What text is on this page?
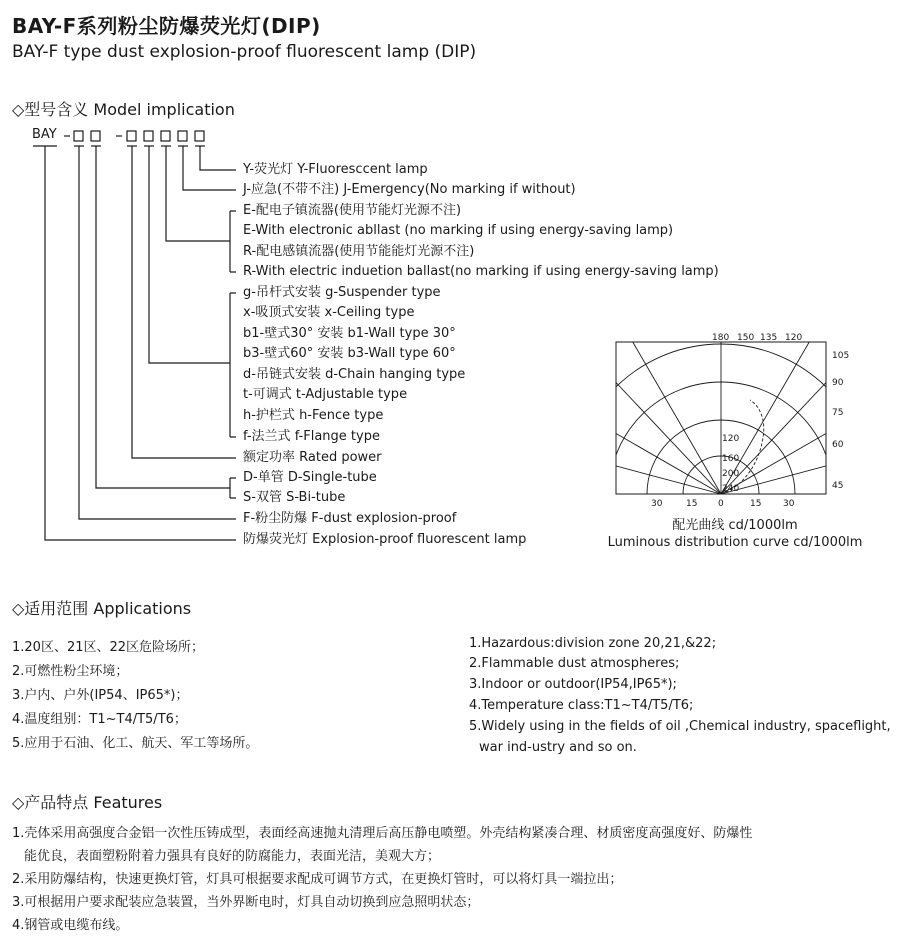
BAY-F系列粉尘防爆荧光灯(DIP)
BAY-F type dust explosion-proof fluorescent lamp (DIP)
◇型号含义 Model implication
BAY
Y-荧光灯 Y-Fluoresccent lamp
J-应急(不带不注) J-Emergency(No marking if without)
E-配电子镇流器(使用节能灯光源不注)
E-With electronic abllast (no marking if using energy-saving lamp)
R-配电感镇流器(使用节能能灯光源不注)
R-With electric indueti‌on ballast(no marking if using energy-saving lamp)
g-吊杆式安装 g-Suspender type
x-吸顶式安装 x-Ceiling type
b1-壁式30° 安装 b1-Wall type 30°
b3-壁式60° 安装 b3-Wall type 60°
d-吊链式安装 d-Chain hanging type
t-可调式 t-Adjustable type
h-护栏式 h-Fence type
f-法兰式 f-Flange type
额定功率 Rated power
D-单管 D-Single-tube
S-双管 S-Bi-tube
F-粉尘防爆 F-dust explosion-proof
防爆荧光灯 Explosion-proof fluorescent lamp
180 150 135 120
105
90
75
60
45
120
160
200
240
30	15 0	15 30
配光曲线 cd/1000lm
Luminous distribution curve cd/1000lm
◇适用范围 Applications
1.20区、21区、22区危险场所；
2.可燃性粉尘环境；
3.户内、户外(IP54、IP65*)；
4.温度组别：T1~T4/T5/T6；
5.应用于石油、化工、航天、军工等场所。
1.Hazardous:division zone 20,21,&22;
2.Flammable dust atmospheres;
3.Indoor or outdoor(IP54,IP65*);
4.Temperature class:T1~T4/T5/T6;
5.Widely using in the fields of oil ,Chemical industry, spaceflight,
war ind-ustry and so on.
◇产品特点 Features
1.壳体采用高强度合金铝一次性压铸成型，表面经高速抛丸清理后高压静电喷塑。外壳结构紧凑合理、材质密度高强度好、防爆性
能优良，表面塑粉附着力强具有良好的防腐能力，表面光洁，美观大方；
2.采用防爆结构，快速更换灯管，灯具可根据要求配成可调节方式，在更换灯管时，可以将灯具一端拉出；
3.可根据用户要求配装应急装置，当外界断电时，灯具自动切换到应急照明状态；
4.钢管或电缆布线。
